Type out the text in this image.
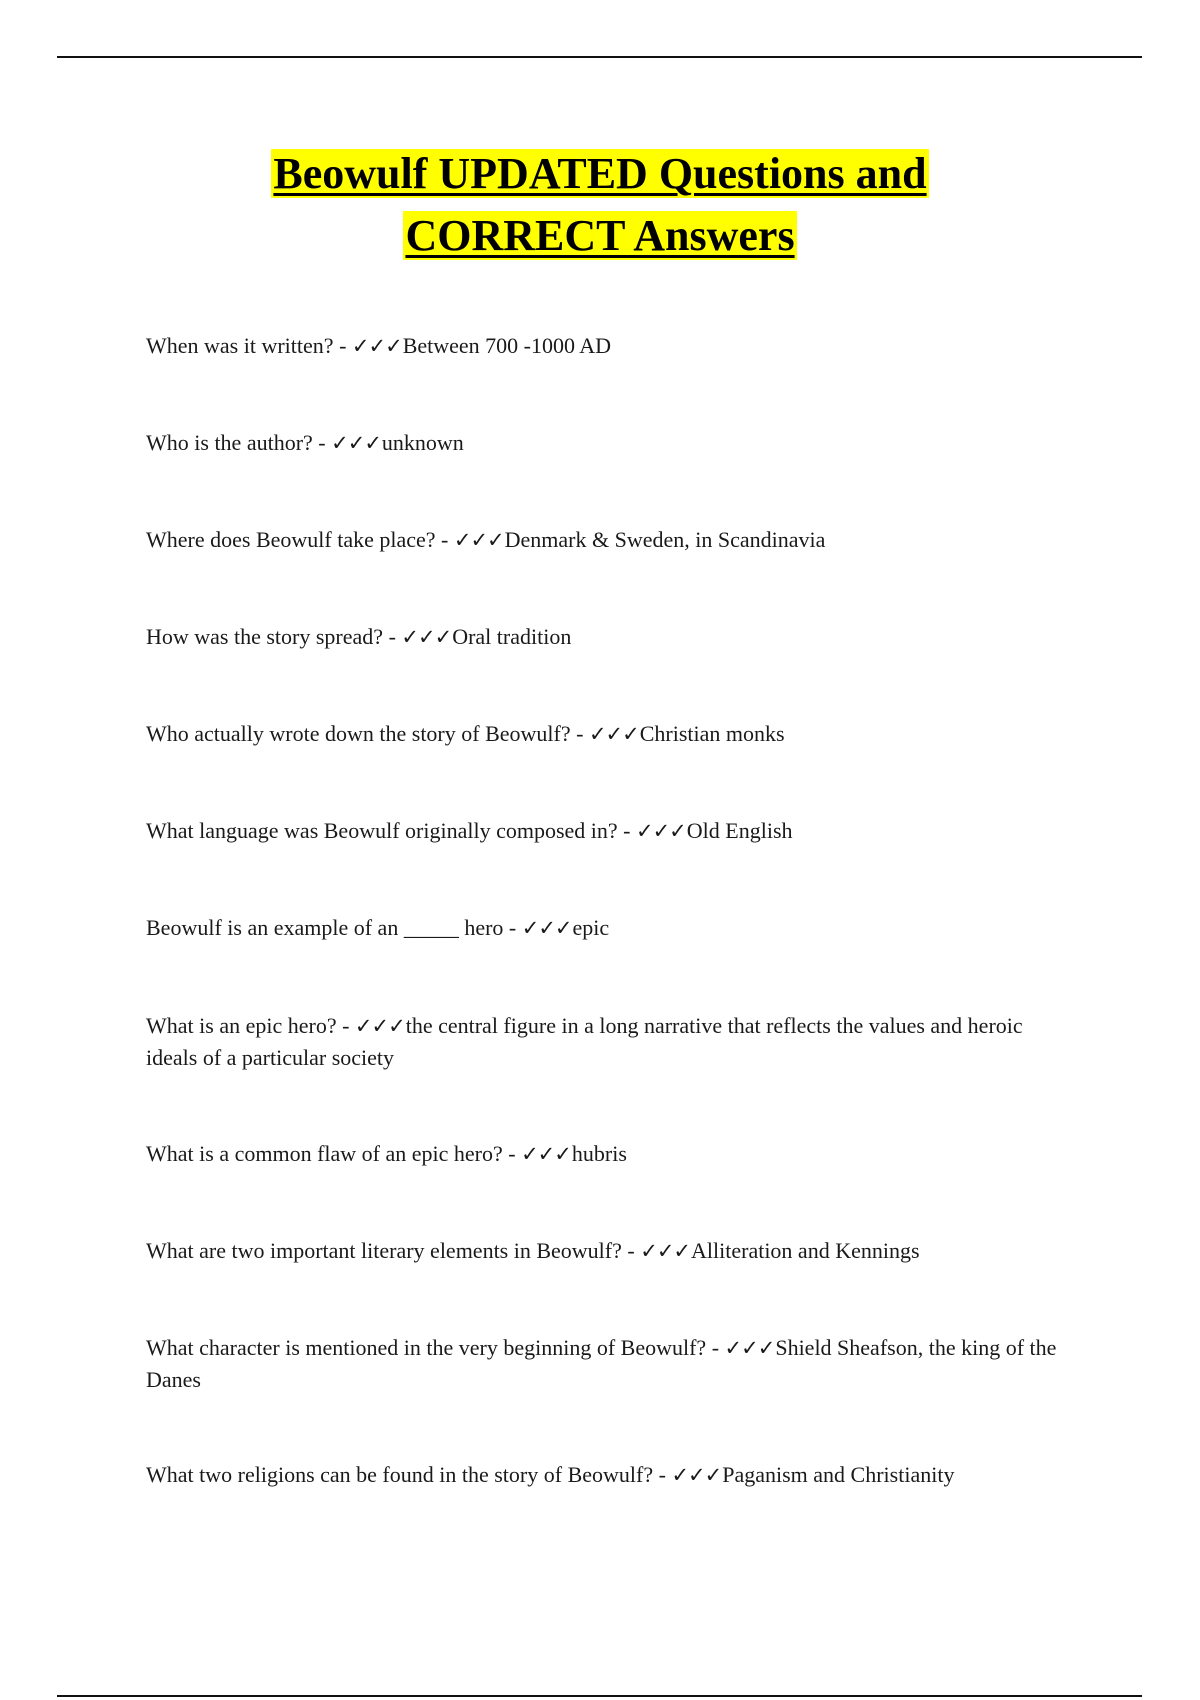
Beowulf UPDATED Questions and
CORRECT Answers
When was it written? - ✓✓✓Between 700 -1000 AD
Who is the author? - ✓✓✓unknown
Where does Beowulf take place? - ✓✓✓Denmark & Sweden, in Scandinavia
How was the story spread? - ✓✓✓Oral tradition
Who actually wrote down the story of Beowulf? - ✓✓✓Christian monks
What language was Beowulf originally composed in? - ✓✓✓Old English
Beowulf is an example of an _____ hero - ✓✓✓epic
What is an epic hero? - ✓✓✓the central figure in a long narrative that reflects the values and heroic ideals of a particular society
What is a common flaw of an epic hero? - ✓✓✓hubris
What are two important literary elements in Beowulf? - ✓✓✓Alliteration and Kennings
What character is mentioned in the very beginning of Beowulf? - ✓✓✓Shield Sheafson, the king of the Danes
What two religions can be found in the story of Beowulf? - ✓✓✓Paganism and Christianity
